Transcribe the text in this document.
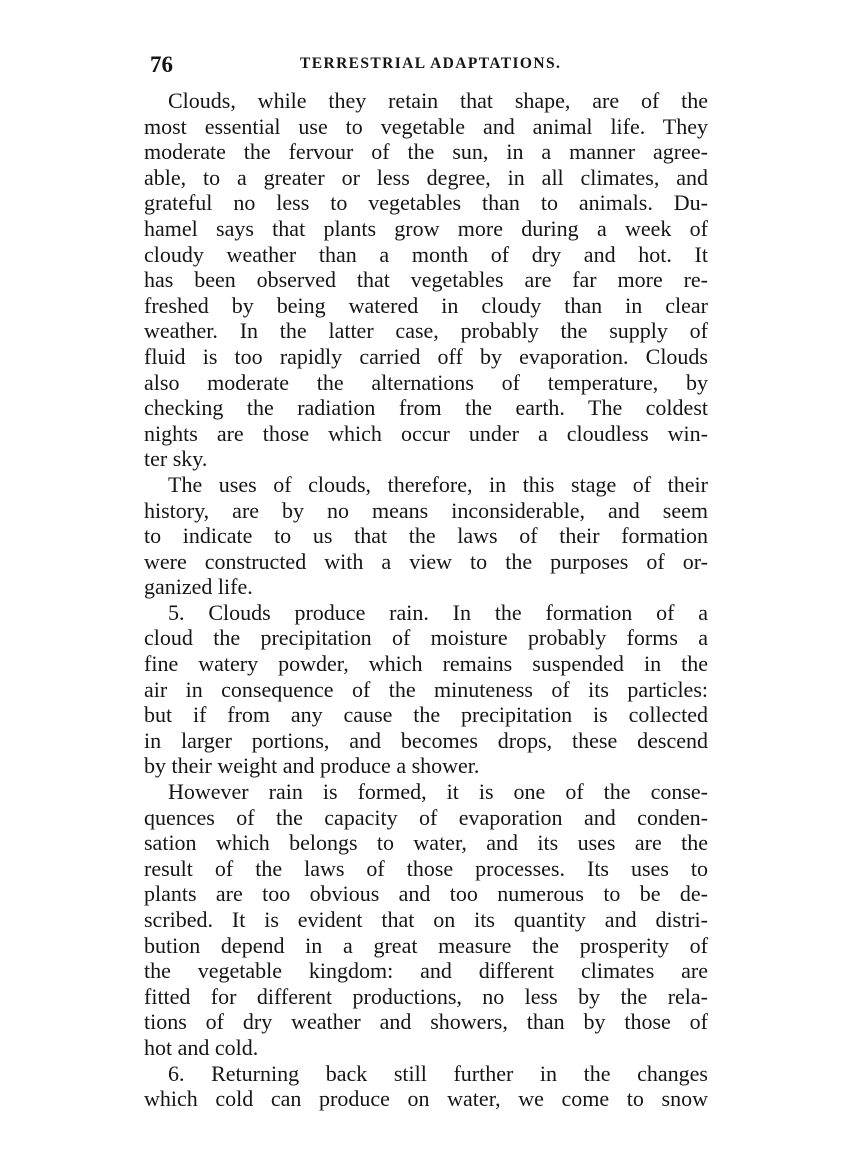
76	TERRESTRIAL ADAPTATIONS.
Clouds, while they retain that shape, are of the
most essential use to vegetable and animal life. They
moderate the fervour of the sun, in a manner agree-
able, to a greater or less degree, in all climates, and
grateful no less to vegetables than to animals. Du-
hamel says that plants grow more during a week of
cloudy weather than a month of dry and hot. It
has been observed that vegetables are far more re-
freshed by being watered in cloudy than in clear
weather. In the latter case, probably the supply of
fluid is too rapidly carried off by evaporation. Clouds
also moderate the alternations of temperature, by
checking the radiation from the earth. The coldest
nights are those which occur under a cloudless win-
ter sky.
The uses of clouds, therefore, in this stage of their
history, are by no means inconsiderable, and seem
to indicate to us that the laws of their formation
were constructed with a view to the purposes of or-
ganized life.
5. Clouds produce rain. In the formation of a
cloud the precipitation of moisture probably forms a
fine watery powder, which remains suspended in the
air in consequence of the minuteness of its particles:
but if from any cause the precipitation is collected
in larger portions, and becomes drops, these descend
by their weight and produce a shower.
However rain is formed, it is one of the conse-
quences of the capacity of evaporation and conden-
sation which belongs to water, and its uses are the
result of the laws of those processes. Its uses to
plants are too obvious and too numerous to be de-
scribed. It is evident that on its quantity and distri-
bution depend in a great measure the prosperity of
the vegetable kingdom: and different climates are
fitted for different productions, no less by the rela-
tions of dry weather and showers, than by those of
hot and cold.
6. Returning back still further in the changes
which cold can produce on water, we come to snow
